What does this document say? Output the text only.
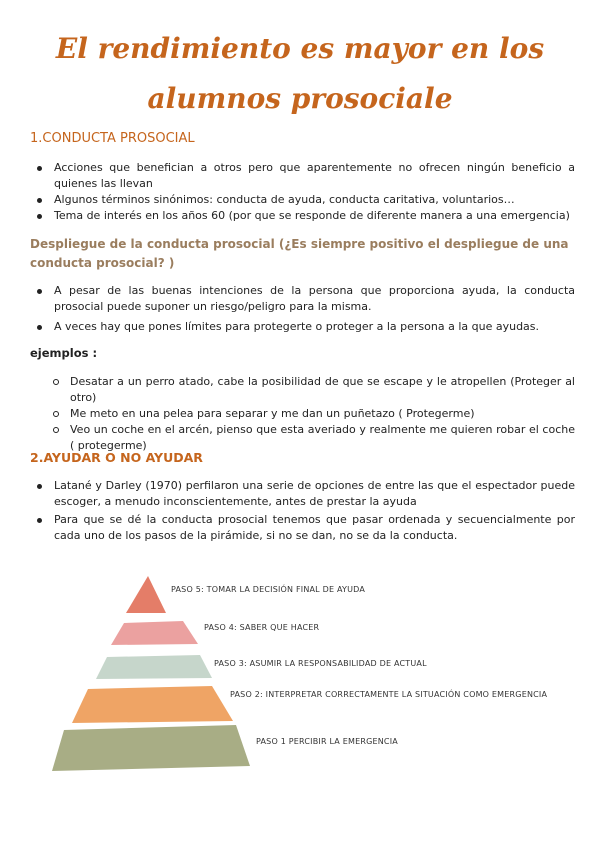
El rendimiento es mayor en los alumnos prosociale
1.CONDUCTA PROSOCIAL
Acciones que benefician a otros pero que aparentemente no ofrecen ningún beneficio a quienes las llevan
Algunos términos sinónimos: conducta de ayuda, conducta caritativa, voluntarios…
Tema de interés en los años 60 (por que se responde de diferente manera a una emergencia)
Despliegue de la conducta prosocial (¿Es siempre positivo el despliegue de una conducta prosocial? )
A pesar de las buenas intenciones de la persona que proporciona ayuda, la conducta prosocial puede suponer un riesgo/peligro para la misma.
A veces hay que pones límites para protegerte o proteger a la persona a la que ayudas.
ejemplos :
Desatar a un perro atado, cabe la posibilidad de que se escape y le atropellen (Proteger al otro)
Me meto en una pelea para separar y me dan un puñetazo ( Protegerme)
Veo un coche en el arcén, pienso que esta averiado y realmente me quieren robar el coche ( protegerme)
2.AYUDAR O NO AYUDAR
Latané y Darley (1970) perfilaron una serie de opciones de entre las que el espectador puede escoger, a menudo inconscientemente, antes de prestar la ayuda
Para que se dé la conducta prosocial tenemos que pasar ordenada y secuencialmente por cada uno de los pasos de la pirámide, si no se dan, no se da la conducta.
PASO 5: TOMAR LA DECISIÓN FINAL DE AYUDA
PASO 4: SABER QUE HACER
PASO 3: ASUMIR LA RESPONSABILIDAD DE ACTUAL
PASO 2: INTERPRETAR CORRECTAMENTE LA SITUACIÓN COMO EMERGENCIA
PASO 1 PERCIBIR LA EMERGENCIA
